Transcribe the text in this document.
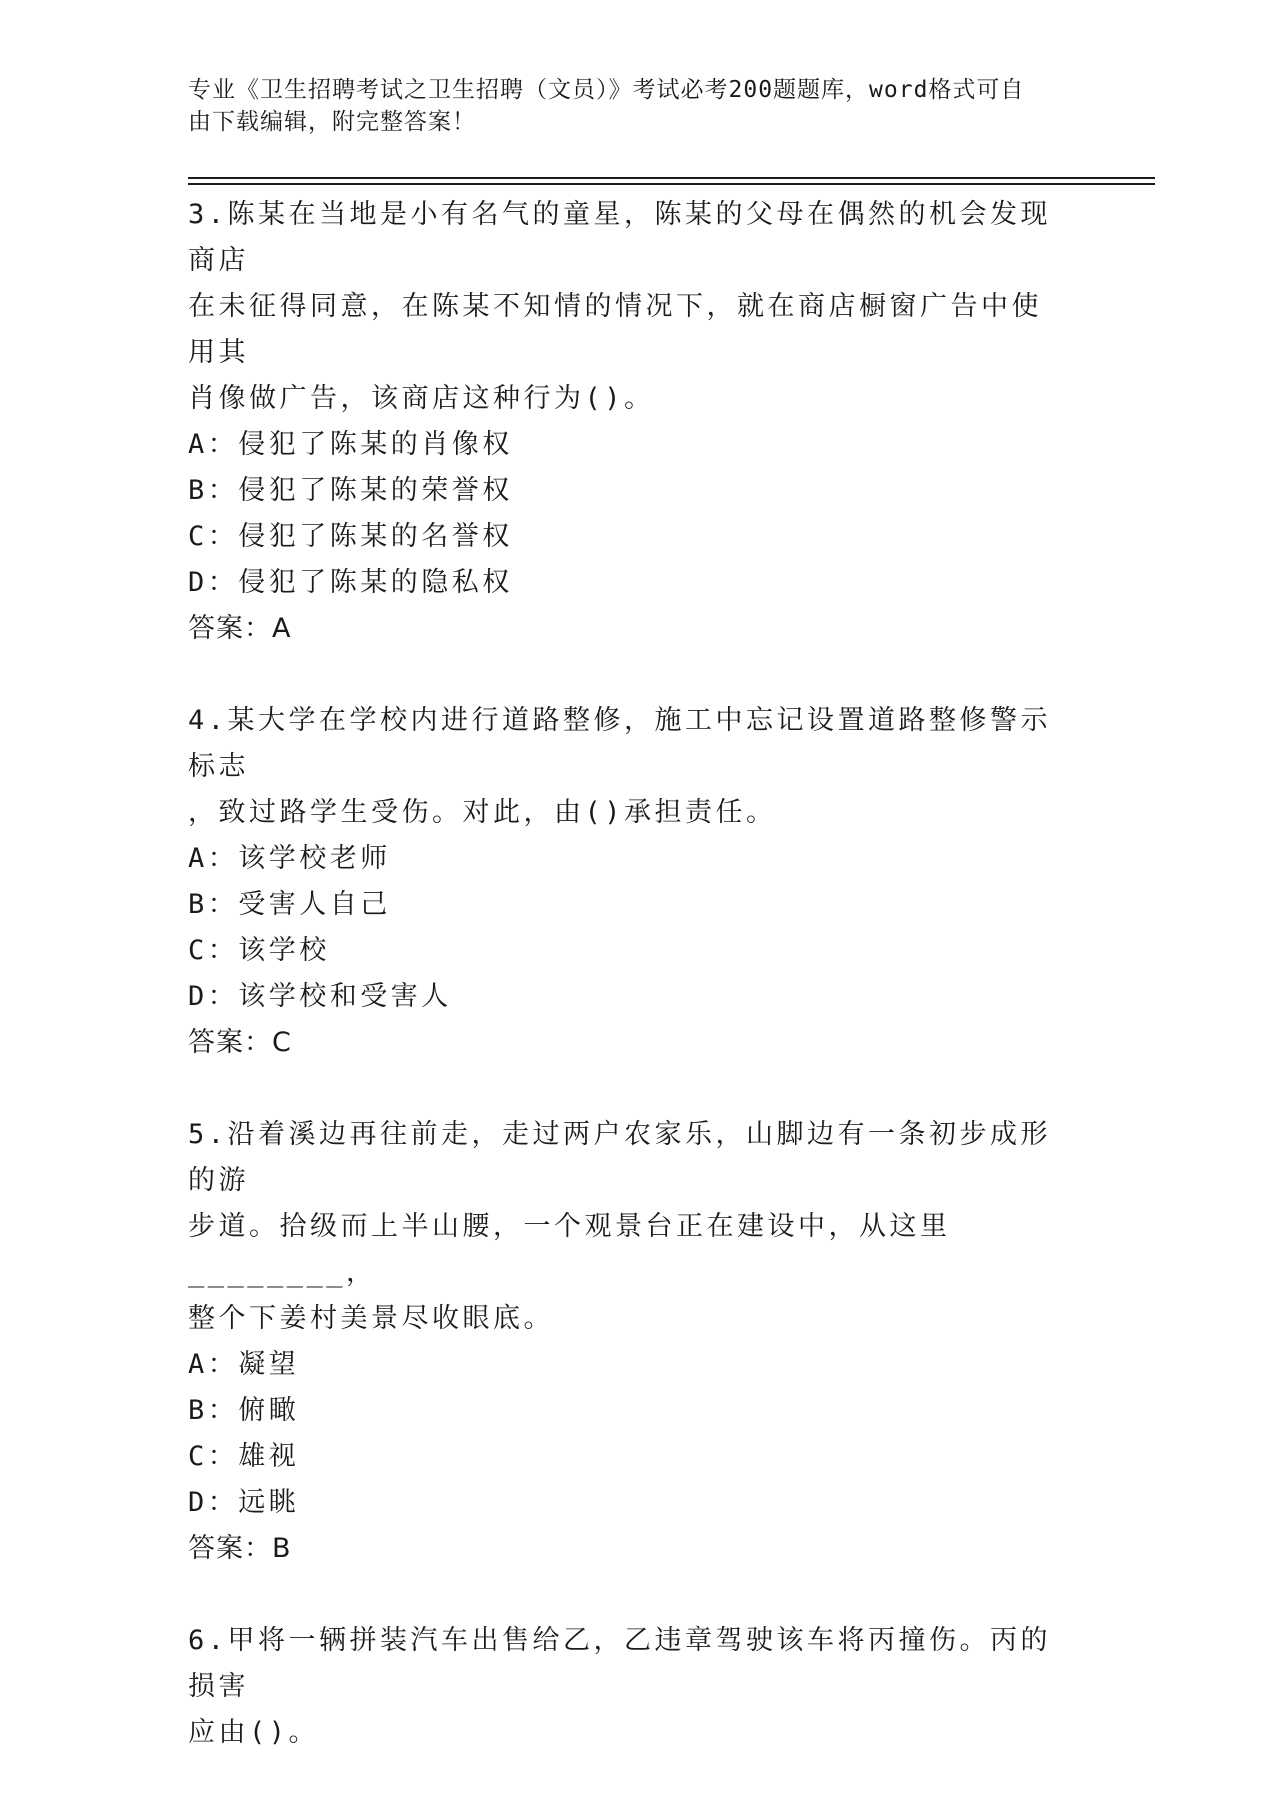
专业《卫生招聘考试之卫生招聘（文员）》考试必考200题题库，word格式可自
由下载编辑，附完整答案！

3.陈某在当地是小有名气的童星，陈某的父母在偶然的机会发现商店

在未征得同意，在陈某不知情的情况下，就在商店橱窗广告中使用其

肖像做广告，该商店这种行为()。

A：侵犯了陈某的肖像权

B：侵犯了陈某的荣誉权

C：侵犯了陈某的名誉权

D：侵犯了陈某的隐私权

答案：A

4.某大学在学校内进行道路整修，施工中忘记设置道路整修警示标志

，致过路学生受伤。对此，由()承担责任。

A：该学校老师

B：受害人自己

C：该学校

D：该学校和受害人

答案：C

5.沿着溪边再往前走，走过两户农家乐，山脚边有一条初步成形的游

步道。拾级而上半山腰，一个观景台正在建设中，从这里________，

整个下姜村美景尽收眼底。

A：凝望

B：俯瞰

C：雄视

D：远眺

答案：B

6.甲将一辆拼装汽车出售给乙，乙违章驾驶该车将丙撞伤。丙的损害

应由()。
